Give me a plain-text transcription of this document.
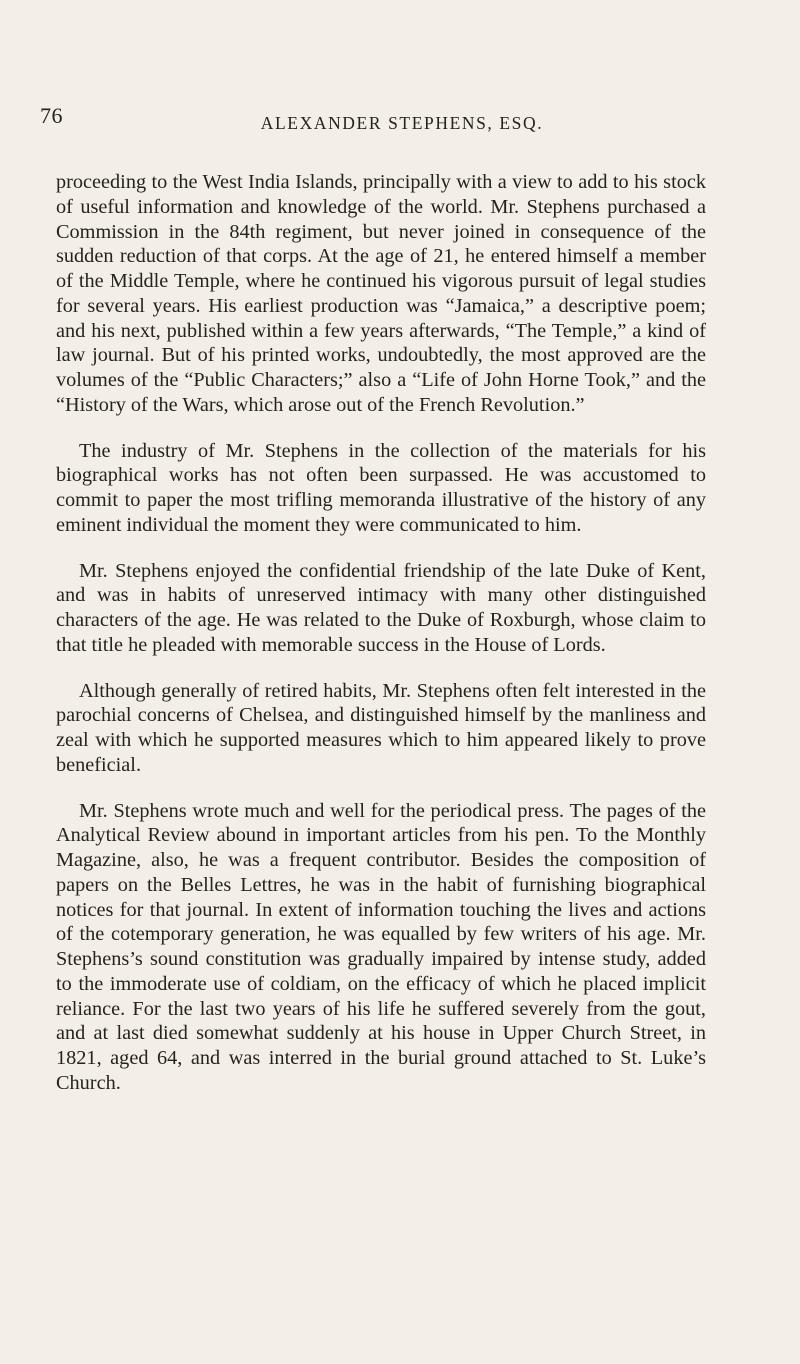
76	ALEXANDER STEPHENS, ESQ.

proceeding to the West India Islands, principally with a view to add to his stock of useful information and knowledge of the world. Mr. Stephens purchased a Commission in the 84th regiment, but never joined in consequence of the sudden reduction of that corps. At the age of 21, he entered himself a member of the Middle Temple, where he continued his vigorous pursuit of legal studies for several years. His earliest production was “Jamaica,” a descriptive poem; and his next, published within a few years afterwards, “The Temple,” a kind of law journal. But of his printed works, undoubtedly, the most approved are the volumes of the “Public Characters;” also a “Life of John Horne Took,” and the “History of the Wars, which arose out of the French Revolution.”

The industry of Mr. Stephens in the collection of the materials for his biographical works has not often been surpassed. He was accustomed to commit to paper the most trifling memoranda illustrative of the history of any eminent individual the moment they were communicated to him.

Mr. Stephens enjoyed the confidential friendship of the late Duke of Kent, and was in habits of unreserved intimacy with many other distinguished characters of the age. He was related to the Duke of Roxburgh, whose claim to that title he pleaded with memorable success in the House of Lords.

Although generally of retired habits, Mr. Stephens often felt interested in the parochial concerns of Chelsea, and distinguished himself by the manliness and zeal with which he supported measures which to him appeared likely to prove beneficial.

Mr. Stephens wrote much and well for the periodical press. The pages of the Analytical Review abound in important articles from his pen. To the Monthly Magazine, also, he was a frequent contributor. Besides the composition of papers on the Belles Lettres, he was in the habit of furnishing biographical notices for that journal. In extent of information touching the lives and actions of the cotemporary generation, he was equalled by few writers of his age. Mr. Stephens’s sound constitution was gradually impaired by intense study, added to the immoderate use of coldiam, on the efficacy of which he placed implicit reliance. For the last two years of his life he suffered severely from the gout, and at last died somewhat suddenly at his house in Upper Church Street, in 1821, aged 64, and was interred in the burial ground attached to St. Luke’s Church.
